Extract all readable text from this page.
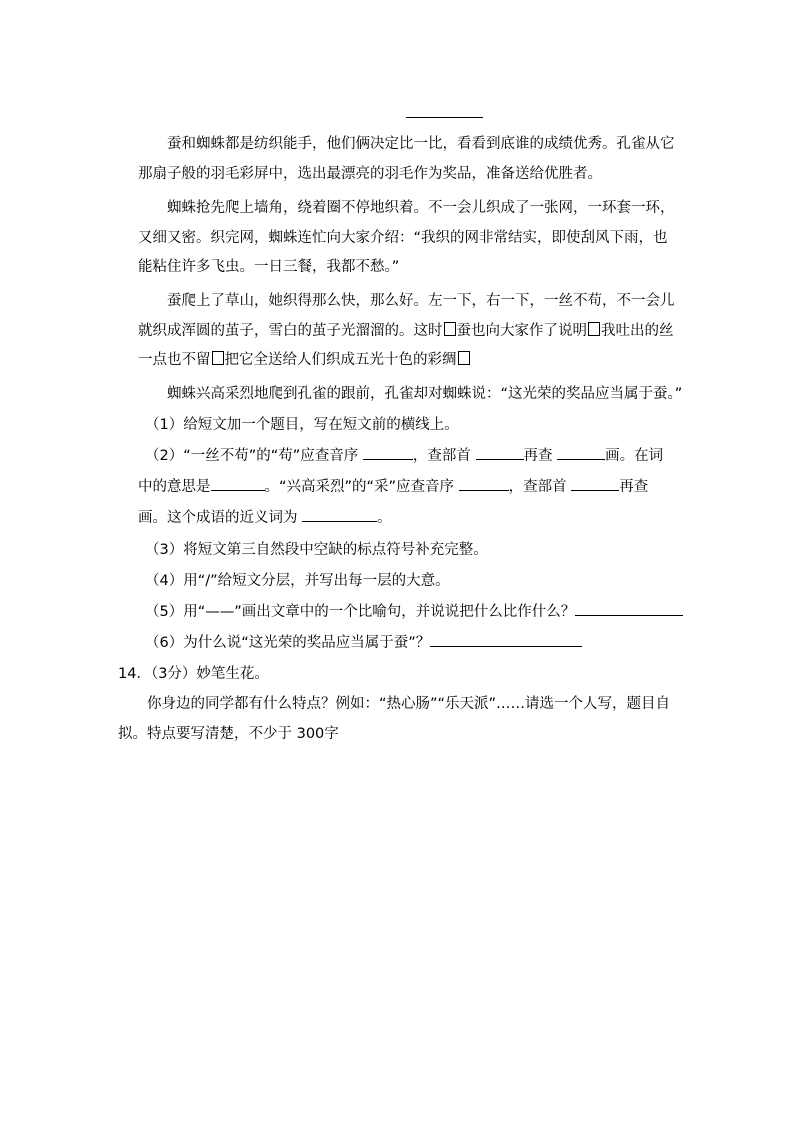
蚕和蜘蛛都是纺织能手，他们俩决定比一比，看看到底谁的成绩优秀。孔雀从它那扇子般的羽毛彩屏中，选出最漂亮的羽毛作为奖品，准备送给优胜者。

蜘蛛抢先爬上墙角，绕着圈不停地织着。不一会儿织成了一张网，一环套一环，又细又密。织完网，蜘蛛连忙向大家介绍：“我织的网非常结实，即使刮风下雨，也能粘住许多飞虫。一日三餐，我都不愁。”

蚕爬上了草山，她织得那么快，那么好。左一下，右一下，一丝不苟，不一会儿就织成浑圆的茧子，雪白的茧子光溜溜的。这时 蚕也向大家作了说明 我吐出的丝一点也不留 把它全送给人们织成五光十色的彩绸

蜘蛛兴高采烈地爬到孔雀的跟前，孔雀却对蜘蛛说：“这光荣的奖品应当属于蚕。”

（1）给短文加一个题目，写在短文前的横线上。

（2）“一丝不苟”的“苟”应查音序	，查部首	再查	画。在词

中的意思是	。“兴高采烈”的“采”应查音序	，查部首	再查

画。这个成语的近义词为	。

（3）将短文第三自然段中空缺的标点符号补充完整。

（4）用“/”给短文分层，并写出每一层的大意。

（5）用“——”画出文章中的一个比喻句，并说说把什么比作什么？

（6）为什么说“这光荣的奖品应当属于蚕”？

14．（3分）妙笔生花。

你身边的同学都有什么特点？例如：“热心肠”“乐天派”……请选一个人写，题目自拟。特点要写清楚，不少于 300字
